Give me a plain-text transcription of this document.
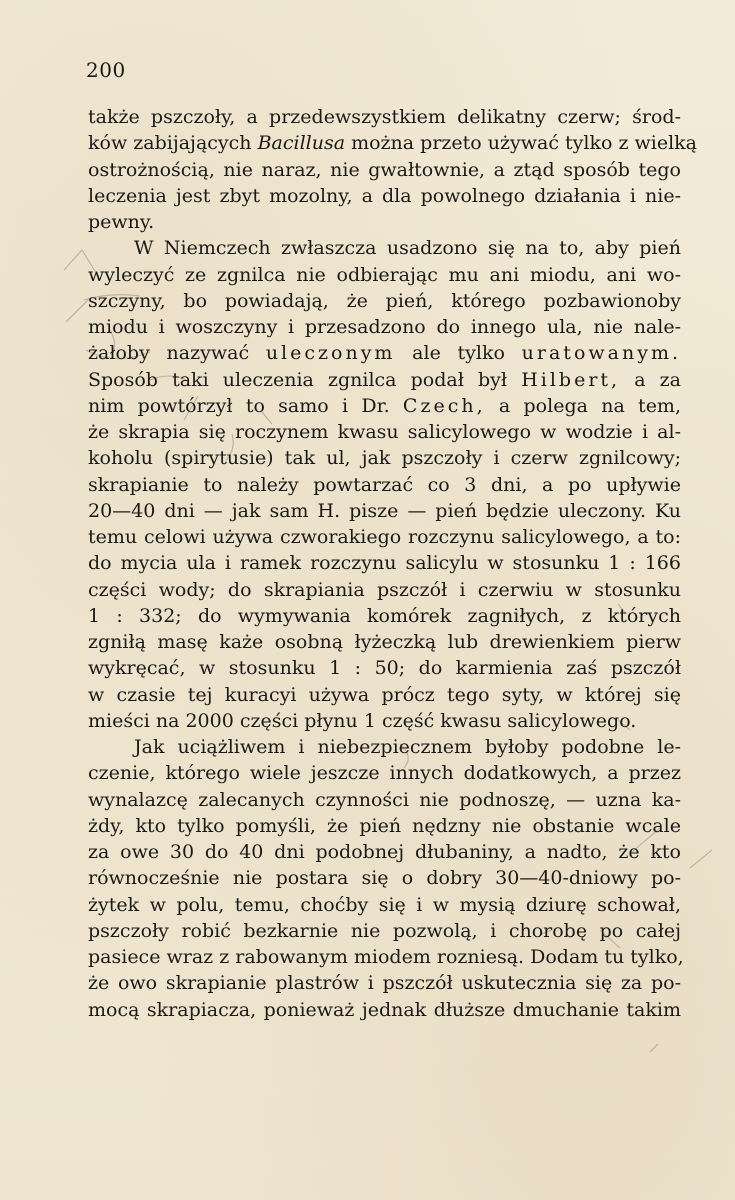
200
także pszczoły, a przedewszystkiem delikatny czerw; środ-
ków zabijających Bacillusa można przeto używać tylko z wielką
ostrożnością, nie naraz, nie gwałtownie, a ztąd sposób tego
leczenia jest zbyt mozolny, a dla powolnego działania i nie-
pewny.
W Niemczech zwłaszcza usadzono się na to, aby pień
wyleczyć ze zgnilca nie odbierając mu ani miodu, ani wo-
szczyny, bo powiadają, że pień, którego pozbawionoby
miodu i woszczyny i przesadzono do innego ula, nie nale-
żałoby nazywać uleczonym ale tylko uratowanym.
Sposób taki uleczenia zgnilca podał był Hilbert, a za
nim powtórzył to samo i Dr. Czech, a polega na tem,
że skrapia się roczynem kwasu salicylowego w wodzie i al-
koholu (spirytusie) tak ul, jak pszczoły i czerw zgnilcowy;
skrapianie to należy powtarzać co 3 dni, a po upływie
20—40 dni — jak sam H. pisze — pień będzie uleczony. Ku
temu celowi używa czworakiego rozczynu salicylowego, a to:
do mycia ula i ramek rozczynu salicylu w stosunku 1 : 166
części wody; do skrapiania pszczół i czerwiu w stosunku
1 : 332; do wymywania komórek zagniłych, z których
zgniłą masę każe osobną łyżeczką lub drewienkiem pierw
wykręcać, w stosunku 1 : 50; do karmienia zaś pszczół
w czasie tej kuracyi używa prócz tego syty, w której się
mieści na 2000 części płynu 1 część kwasu salicylowego.
Jak uciążliwem i niebezpiecznem byłoby podobne le-
czenie, którego wiele jeszcze innych dodatkowych, a przez
wynalazcę zalecanych czynności nie podnoszę, — uzna ka-
żdy, kto tylko pomyśli, że pień nędzny nie obstanie wcale
za owe 30 do 40 dni podobnej dłubaniny, a nadto, że kto
równocześnie nie postara się o dobry 30—40-dniowy po-
żytek w polu, temu, choćby się i w mysią dziurę schował,
pszczoły robić bezkarnie nie pozwolą, i chorobę po całej
pasiece wraz z rabowanym miodem rozniesą. Dodam tu tylko,
że owo skrapianie plastrów i pszczół uskutecznia się za po-
mocą skrapiacza, ponieważ jednak dłuższe dmuchanie takim
